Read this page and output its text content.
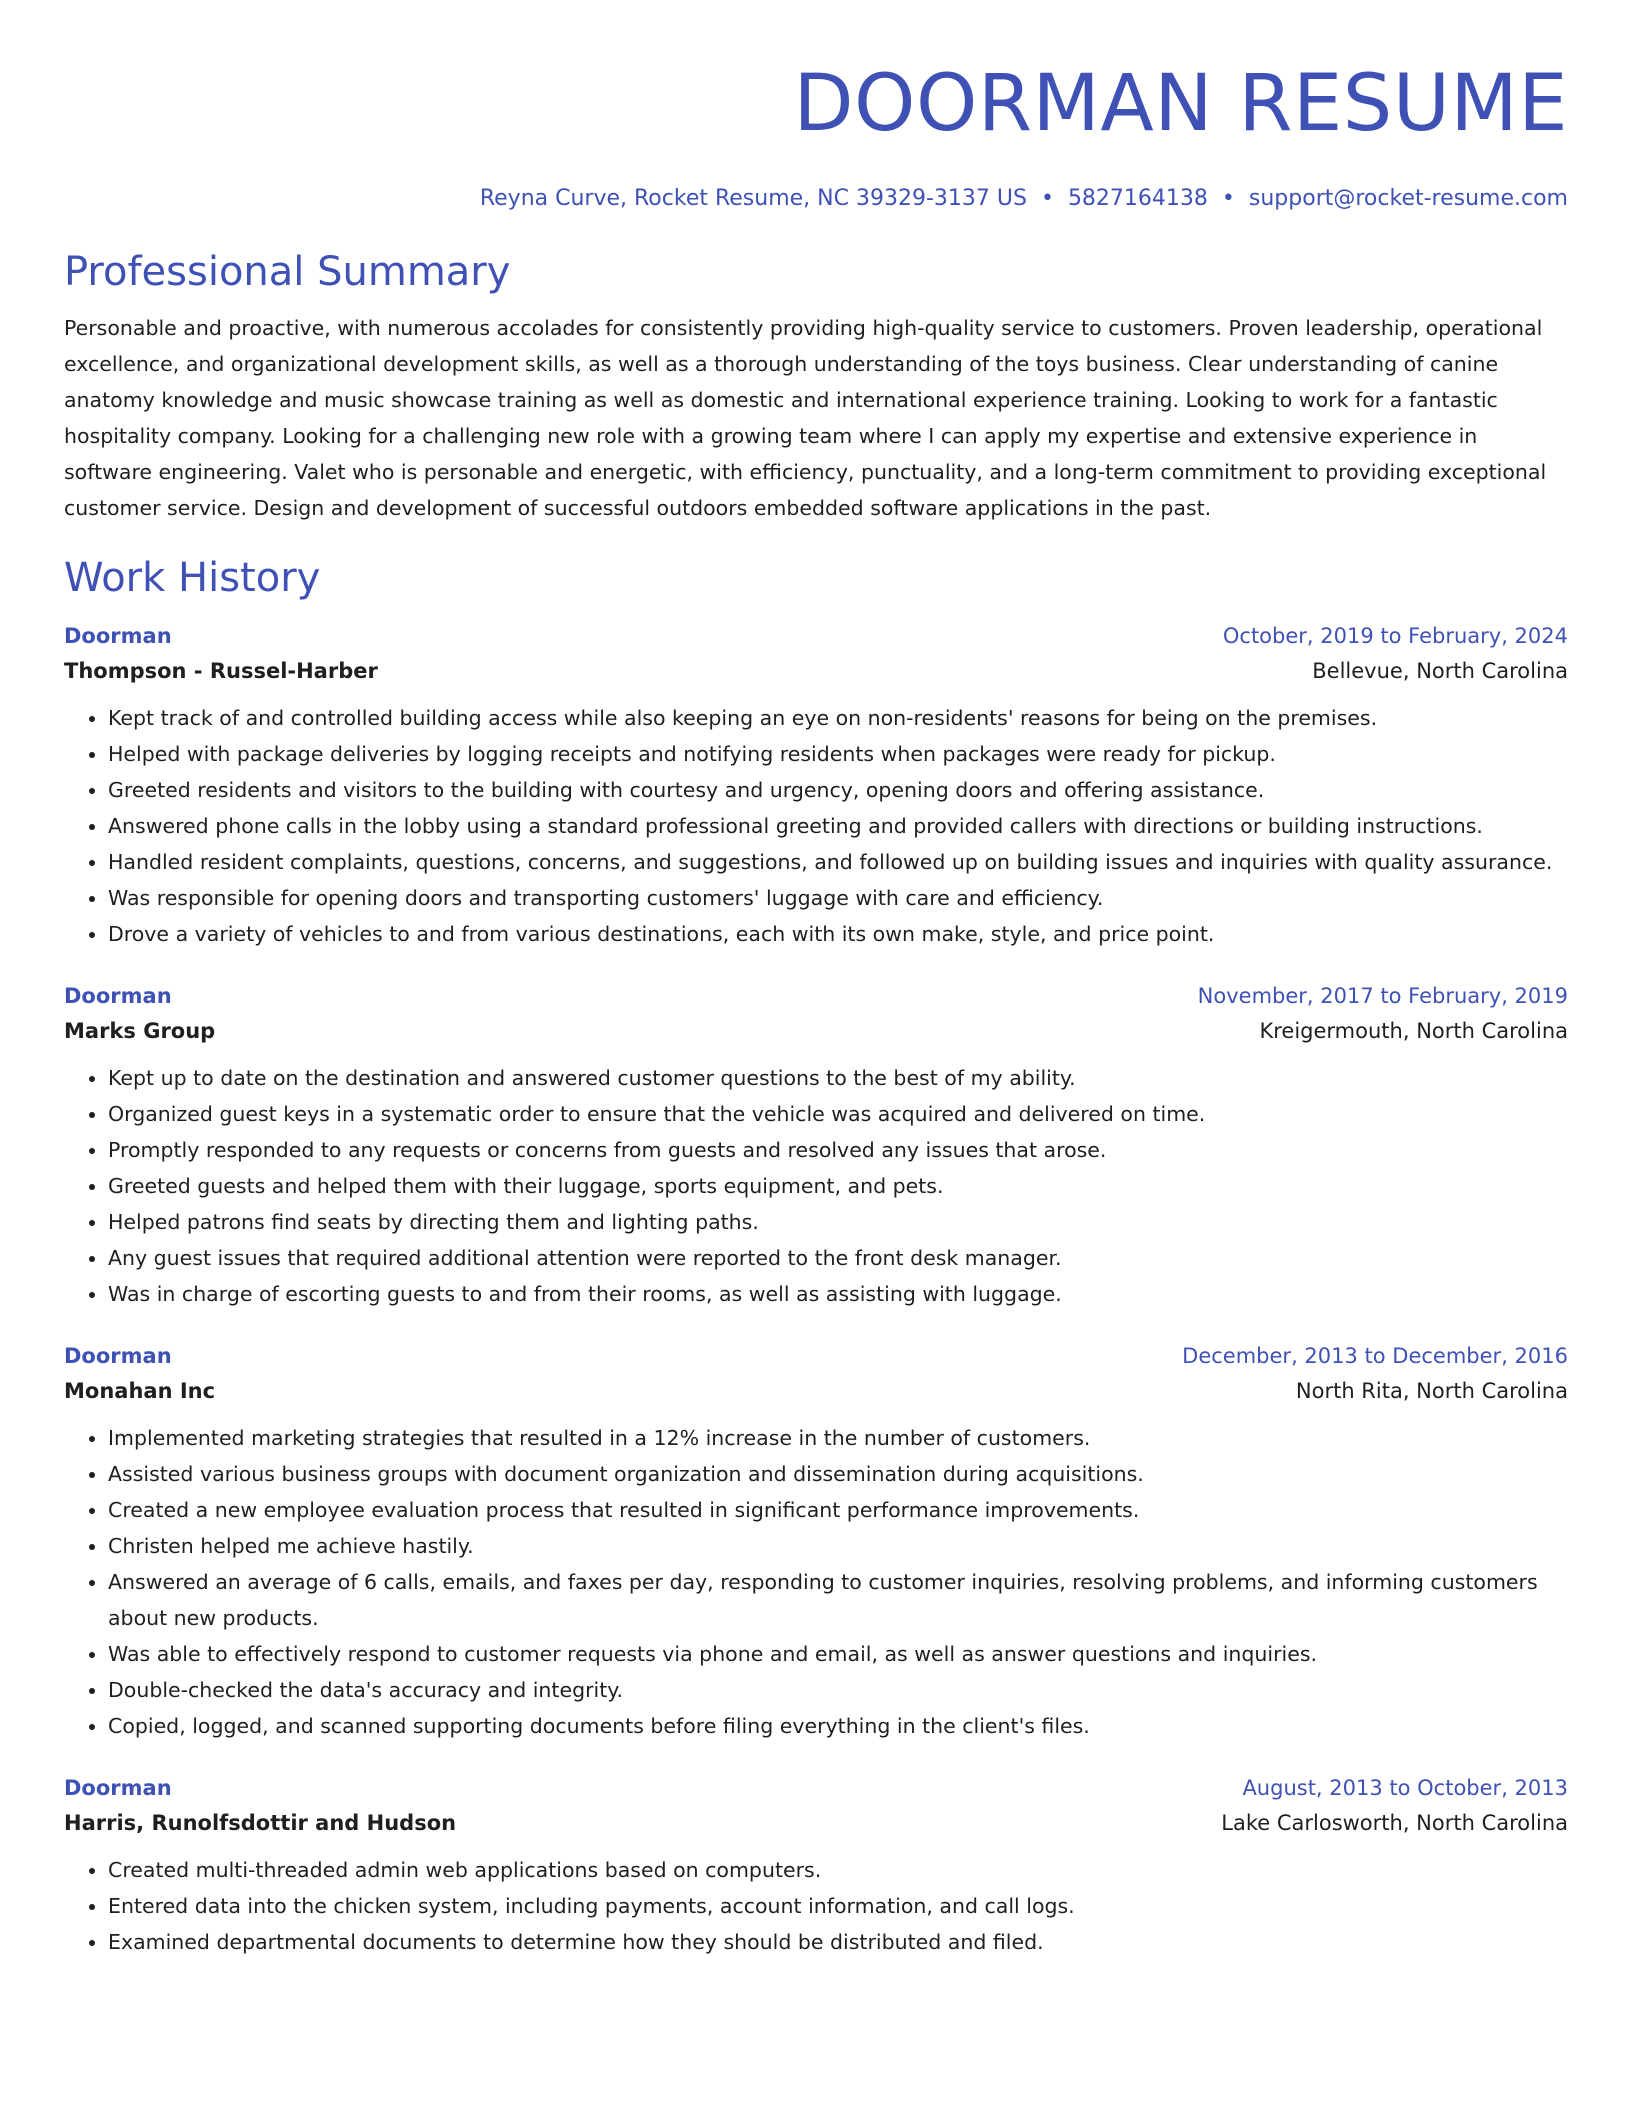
DOORMAN RESUME
Reyna Curve, Rocket Resume, NC 39329-3137 US • 5827164138 • support@rocket-resume.com
Professional Summary

Personable and proactive, with numerous accolades for consistently providing high-quality service to customers. Proven leadership, operational excellence, and organizational development skills, as well as a thorough understanding of the toys business. Clear understanding of canine anatomy knowledge and music showcase training as well as domestic and international experience training. Looking to work for a fantastic hospitality company. Looking for a challenging new role with a growing team where I can apply my expertise and extensive experience in software engineering. Valet who is personable and energetic, with efficiency, punctuality, and a long-term commitment to providing exceptional customer service. Design and development of successful outdoors embedded software applications in the past.

Work History
Doorman	October, 2019 to February, 2024
Thompson - Russel-Harber	Bellevue, North Carolina
• Kept track of and controlled building access while also keeping an eye on non-residents' reasons for being on the premises.
• Helped with package deliveries by logging receipts and notifying residents when packages were ready for pickup.
• Greeted residents and visitors to the building with courtesy and urgency, opening doors and offering assistance.
• Answered phone calls in the lobby using a standard professional greeting and provided callers with directions or building instructions.
• Handled resident complaints, questions, concerns, and suggestions, and followed up on building issues and inquiries with quality assurance.
• Was responsible for opening doors and transporting customers' luggage with care and efficiency.
• Drove a variety of vehicles to and from various destinations, each with its own make, style, and price point.
Doorman	November, 2017 to February, 2019
Marks Group	Kreigermouth, North Carolina
• Kept up to date on the destination and answered customer questions to the best of my ability.
• Organized guest keys in a systematic order to ensure that the vehicle was acquired and delivered on time.
• Promptly responded to any requests or concerns from guests and resolved any issues that arose.
• Greeted guests and helped them with their luggage, sports equipment, and pets.
• Helped patrons find seats by directing them and lighting paths.
• Any guest issues that required additional attention were reported to the front desk manager.
• Was in charge of escorting guests to and from their rooms, as well as assisting with luggage.
Doorman	December, 2013 to December, 2016
Monahan Inc	North Rita, North Carolina
• Implemented marketing strategies that resulted in a 12% increase in the number of customers.
• Assisted various business groups with document organization and dissemination during acquisitions.
• Created a new employee evaluation process that resulted in significant performance improvements.
• Christen helped me achieve hastily.
• Answered an average of 6 calls, emails, and faxes per day, responding to customer inquiries, resolving problems, and informing customers about new products.
• Was able to effectively respond to customer requests via phone and email, as well as answer questions and inquiries.
• Double-checked the data's accuracy and integrity.
• Copied, logged, and scanned supporting documents before filing everything in the client's files.
Doorman	August, 2013 to October, 2013
Harris, Runolfsdottir and Hudson	Lake Carlosworth, North Carolina
• Created multi-threaded admin web applications based on computers.
• Entered data into the chicken system, including payments, account information, and call logs.
• Examined departmental documents to determine how they should be distributed and filed.
